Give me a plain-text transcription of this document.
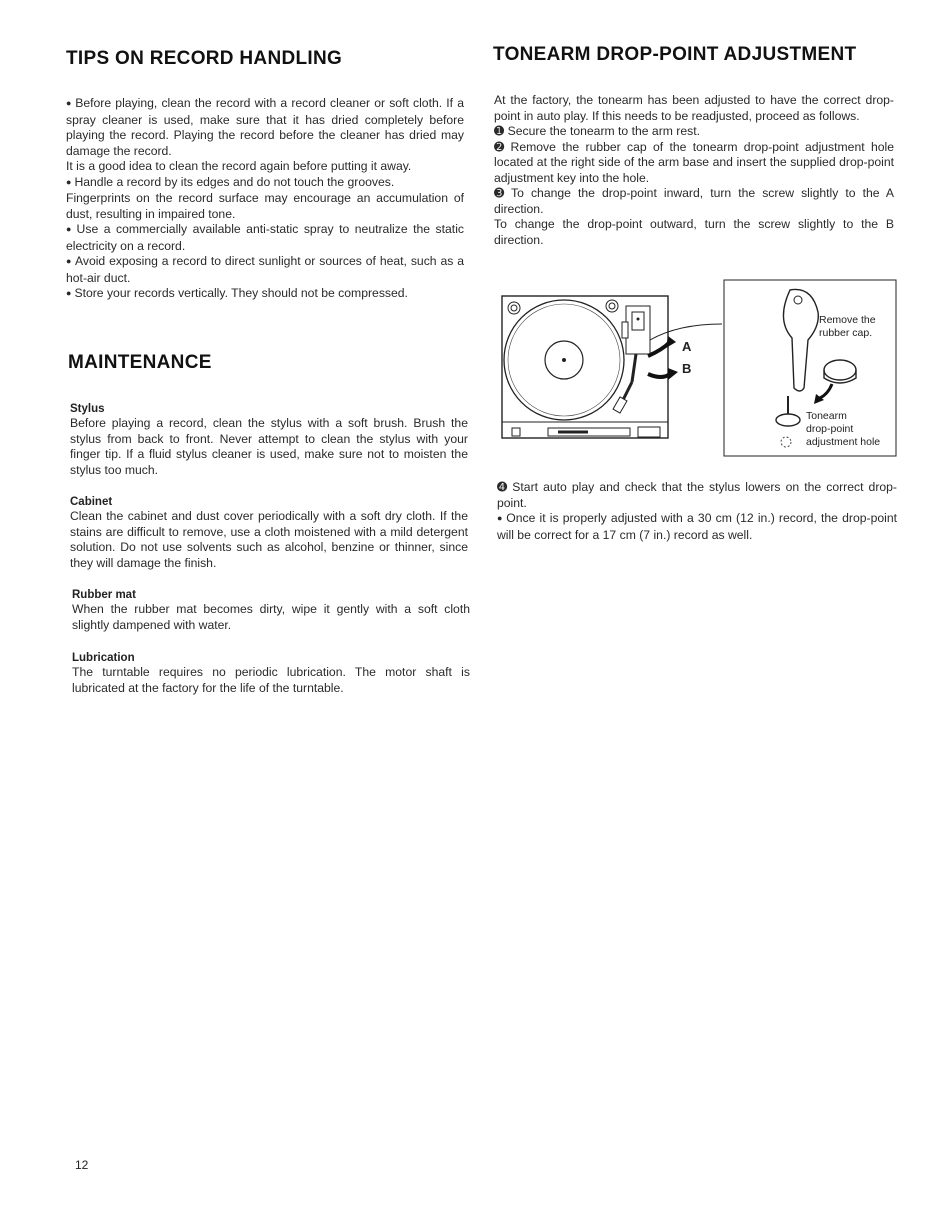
TIPS ON RECORD HANDLING

● Before playing, clean the record with a record cleaner or soft cloth. If a spray cleaner is used, make sure that it has dried completely before playing the record. Playing the record before the cleaner has dried may damage the record.

It is a good idea to clean the record again before putting it away.

● Handle a record by its edges and do not touch the grooves.

Fingerprints on the record surface may encourage an accumulation of dust, resulting in impaired tone.

● Use a commercially available anti-static spray to neutralize the static electricity on a record.

● Avoid exposing a record to direct sunlight or sources of heat, such as a hot-air duct.

● Store your records vertically. They should not be compressed.

MAINTENANCE
Stylus
Before playing a record, clean the stylus with a soft brush. Brush the stylus from back to front. Never attempt to clean the stylus with your finger tip. If a fluid stylus cleaner is used, make sure not to moisten the stylus too much.
Cabinet
Clean the cabinet and dust cover periodically with a soft dry cloth. If the stains are difficult to remove, use a cloth moistened with a mild detergent solution. Do not use solvents such as alcohol, benzine or thinner, since they will damage the finish.
Rubber mat
When the rubber mat becomes dirty, wipe it gently with a soft cloth slightly dampened with water.
Lubrication
The turntable requires no periodic lubrication. The motor shaft is lubricated at the factory for the life of the turntable.
TONEARM DROP-POINT ADJUSTMENT

At the factory, the tonearm has been adjusted to have the correct drop-point in auto play. If this needs to be readjusted, proceed as follows.

➊ Secure the tonearm to the arm rest.

➋ Remove the rubber cap of the tonearm drop-point adjustment hole located at the right side of the arm base and insert the supplied drop-point adjustment key into the hole.

➌ To change the drop-point inward, turn the screw slightly to the A direction.

To change the drop-point outward, turn the screw slightly to the B direction.

A
B
Remove the
rubber cap.
Tonearm
drop-point
adjustment hole

➍ Start auto play and check that the stylus lowers on the correct drop-point.

● Once it is properly adjusted with a 30 cm (12 in.) record, the drop-point will be correct for a 17 cm (7 in.) record as well.

12
